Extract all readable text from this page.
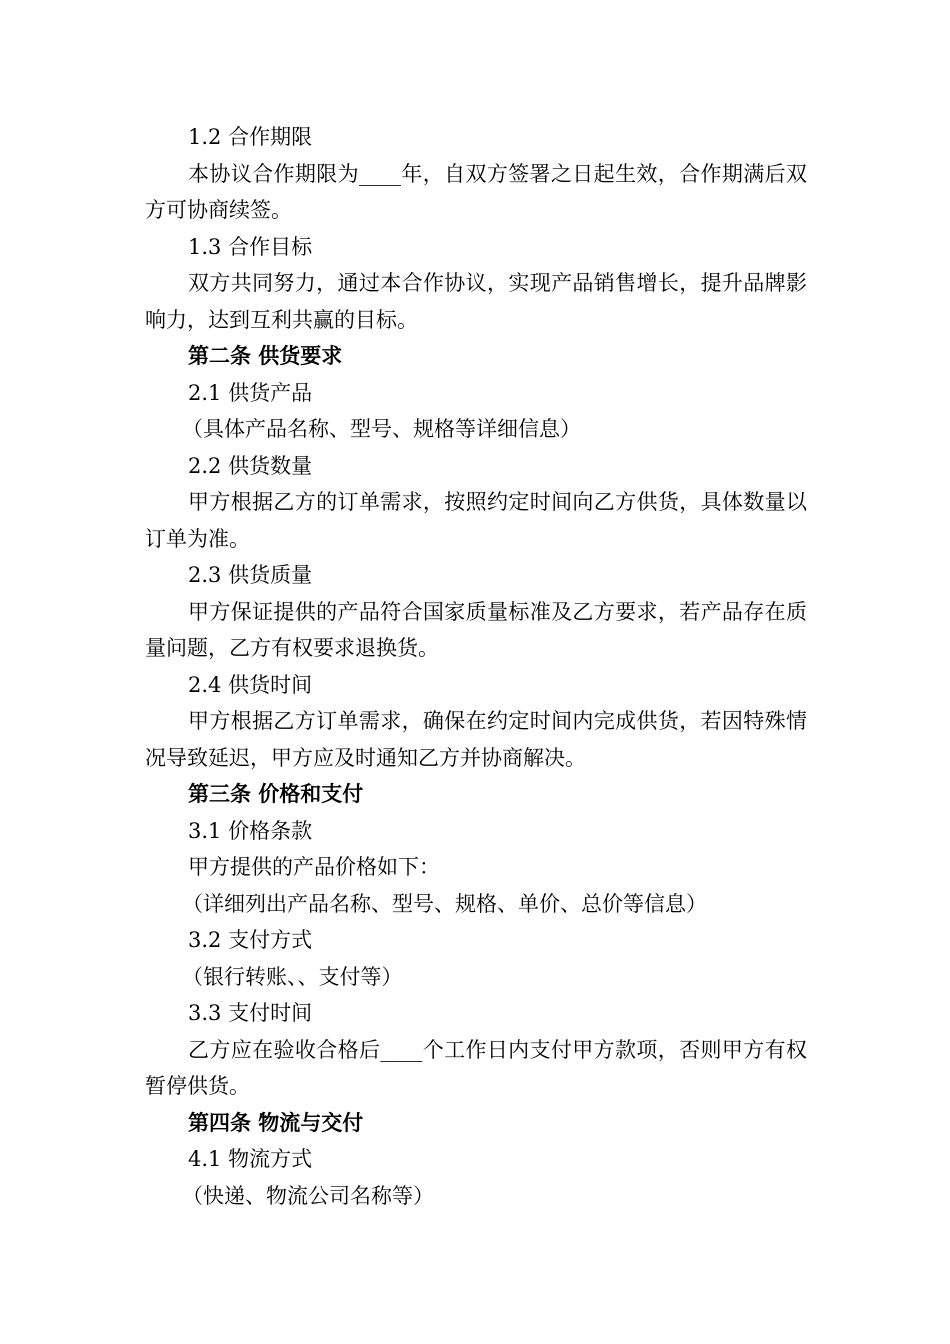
1.2 合作期限

本协议合作期限为____年，自双方签署之日起生效，合作期满后双方可协商续签。

1.3 合作目标

双方共同努力，通过本合作协议，实现产品销售增长，提升品牌影响力，达到互利共赢的目标。

第二条 供货要求

2.1 供货产品

（具体产品名称、型号、规格等详细信息）

2.2 供货数量

甲方根据乙方的订单需求，按照约定时间向乙方供货，具体数量以订单为准。

2.3 供货质量

甲方保证提供的产品符合国家质量标准及乙方要求，若产品存在质量问题，乙方有权要求退换货。

2.4 供货时间

甲方根据乙方订单需求，确保在约定时间内完成供货，若因特殊情况导致延迟，甲方应及时通知乙方并协商解决。

第三条 价格和支付

3.1 价格条款

甲方提供的产品价格如下：

（详细列出产品名称、型号、规格、单价、总价等信息）

3.2 支付方式

（银行转账、、支付等）

3.3 支付时间

乙方应在验收合格后____个工作日内支付甲方款项，否则甲方有权暂停供货。

第四条 物流与交付

4.1 物流方式

（快递、物流公司名称等）
